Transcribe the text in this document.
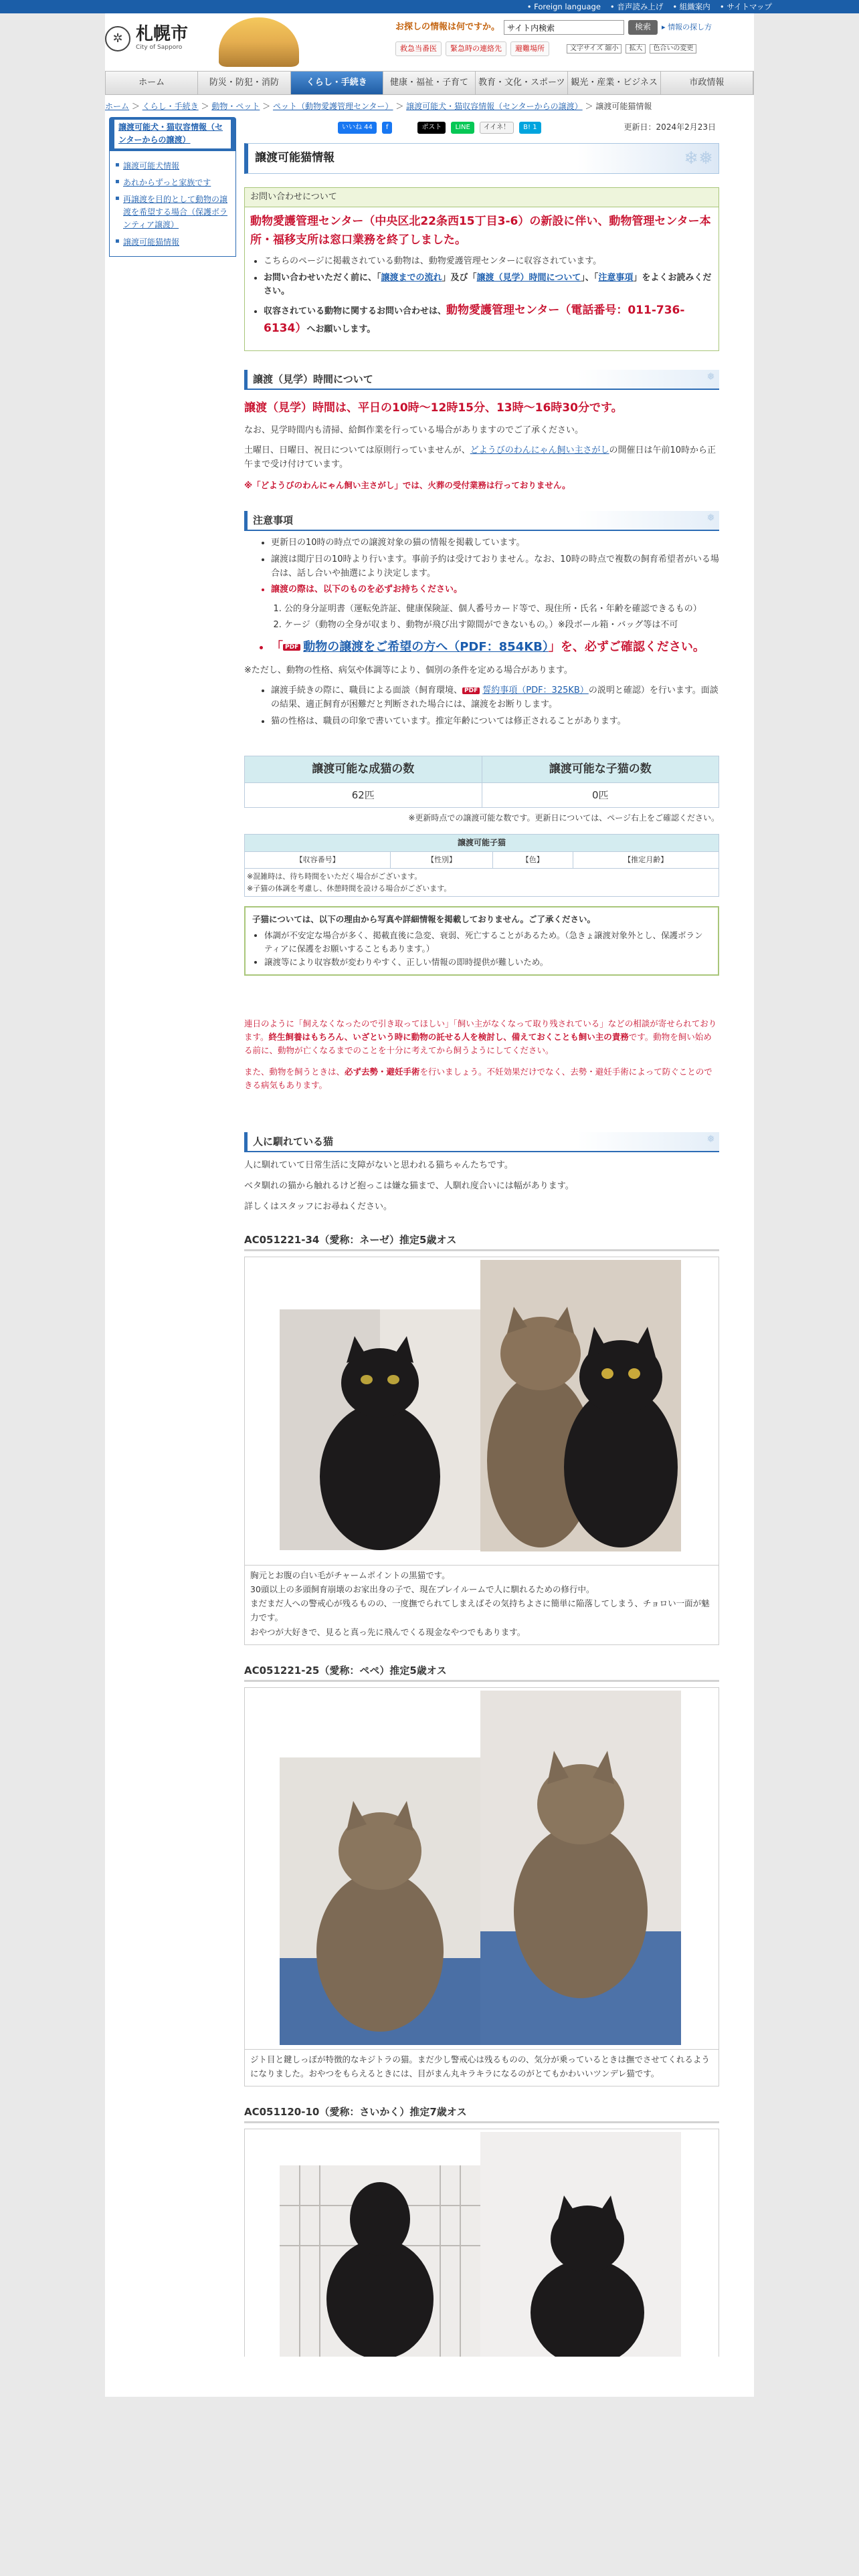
• Foreign language • 音声読み上げ • 組織案内 • サイトマップ
✲ 札幌市
City of Sapporo
お探しの情報は何ですか。
サイト内検索	検索	▸ 情報の探し方
救急当番医	緊急時の連絡先	避難場所	文字サイズ 縮小	拡大	色合いの変更
ホーム	防災・防犯・消防	くらし・手続き	健康・福祉・子育て	教育・文化・スポーツ 観光・産業・ビジネス	市政情報
ホーム ＞ くらし・手続き ＞ 動物・ペット ＞ ペット（動物愛護管理センター） ＞ 譲渡可能犬・猫収容情報（センターからの譲渡） ＞ 譲渡可能猫情報
譲渡可能犬・猫収容情報（センターからの譲渡）
▪ 譲渡可能犬情報
▪ あれからずっと家族です
▪ 再譲渡を目的として動物の譲渡を希望する場合（保護ボランティア譲渡）
▪ 譲渡可能猫情報
いいね 44	f	ポスト	LINE	イイネ！	B! 1	更新日：2024年2月23日
譲渡可能猫情報	❄❅
お問い合わせについて
動物愛護管理センター（中央区北22条西15丁目3-6）の新設に伴い、動物管理センター本所・福移支所は窓口業務を終了しました。
• こちらのページに掲載されている動物は、動物愛護管理センターに収容されています。
• お問い合わせいただく前に、「譲渡までの流れ」及び「譲渡（見学）時間について」、「注意事項」をよくお読みください。
• 収容されている動物に関するお問い合わせは、動物愛護管理センター（電話番号：011-736-6134）へお願いします。
譲渡（見学）時間について	❅
譲渡（見学）時間は、平日の10時～12時15分、13時～16時30分です。

なお、見学時間内も清掃、給餌作業を行っている場合がありますのでご了承ください。

土曜日、日曜日、祝日については原則行っていませんが、どようびのわんにゃん飼い主さがしの開催日は午前10時から正午まで受け付けています。

※「どようびのわんにゃん飼い主さがし」では、火葬の受付業務は行っておりません。

注意事項	❅
• 更新日の10時の時点での譲渡対象の猫の情報を掲載しています。
• 譲渡は閲庁日の10時より行います。事前予約は受けておりません。なお、10時の時点で複数の飼育希望者がいる場合は、話し合いや抽選により決定します。
• 譲渡の際は、以下のものを必ずお持ちください。
1. 公的身分証明書（運転免許証、健康保険証、個人番号カード等で、現住所・氏名・年齢を確認できるもの）
2. ケージ（動物の全身が収まり、動物が飛び出す隙間ができないもの。）※段ボール箱・バッグ等は不可
• 「 PDF 動物の譲渡をご希望の方へ（PDF：854KB）」を、必ずご確認ください。

※ただし、動物の性格、病気や体調等により、個別の条件を定める場合があります。

• 譲渡手続きの際に、職員による面談（飼育環境、 PDF 誓約事項（PDF：325KB）の説明と確認）を行います。面談の結果、適正飼育が困難だと判断された場合には、譲渡をお断りします。
• 猫の性格は、職員の印象で書いています。推定年齢については修正されることがあります。
譲渡可能な成猫の数	譲渡可能な子猫の数
62匹	0匹
※更新時点での譲渡可能な数です。更新日については、ページ右上をご確認ください。
譲渡可能子猫
【収容番号】	【性別】	【色】	【推定月齢】

※混雑時は、待ち時間をいただく場合がございます。
※子猫の体調を考慮し、休憩時間を設ける場合がございます。
子猫については、以下の理由から写真や詳細情報を掲載しておりません。ご了承ください。
• 体調が不安定な場合が多く、掲載直後に急変、衰弱、死亡することがあるため。（急きょ譲渡対象外とし、保護ボランティアに保護をお願いすることもあります。）
• 譲渡等により収容数が変わりやすく、正しい情報の即時提供が難しいため。
連日のように「飼えなくなったので引き取ってほしい」「飼い主がなくなって取り残されている」などの相談が寄せられております。終生飼養はもちろん、いざという時に動物の託せる人を検討し、備えておくことも飼い主の責務です。動物を飼い始める前に、動物が亡くなるまでのことを十分に考えてから飼うようにしてください。
また、動物を飼うときは、必ず去勢・避妊手術を行いましょう。不妊効果だけでなく、去勢・避妊手術によって防ぐことのできる病気もあります。
人に馴れている猫	❅

人に馴れていて日常生活に支障がないと思われる猫ちゃんたちです。

ベタ馴れの猫から触れるけど抱っこは嫌な猫まで、人馴れ度合いには幅があります。

詳しくはスタッフにお尋ねください。

AC051221-34（愛称：ネーゼ）推定5歳オス
胸元とお腹の白い毛がチャームポイントの黒猫です。
30頭以上の多頭飼育崩壊のお家出身の子で、現在プレイルームで人に馴れるための修行中。
まだまだ人への警戒心が残るものの、一度撫でられてしまえばその気持ちよさに簡単に陥落してしまう、チョロい一面が魅力です。
おやつが大好きで、見ると真っ先に飛んでくる現金なやつでもあります。
AC051221-25（愛称：ペペ）推定5歳オス
ジト目と鍵しっぽが特徴的なキジトラの猫。まだ少し警戒心は残るものの、気分が乗っているときは撫でさせてくれるようになりました。おやつをもらえるときには、目がまん丸キラキラになるのがとてもかわいいツンデレ猫です。
AC051120-10（愛称：さいかく）推定7歳オス
